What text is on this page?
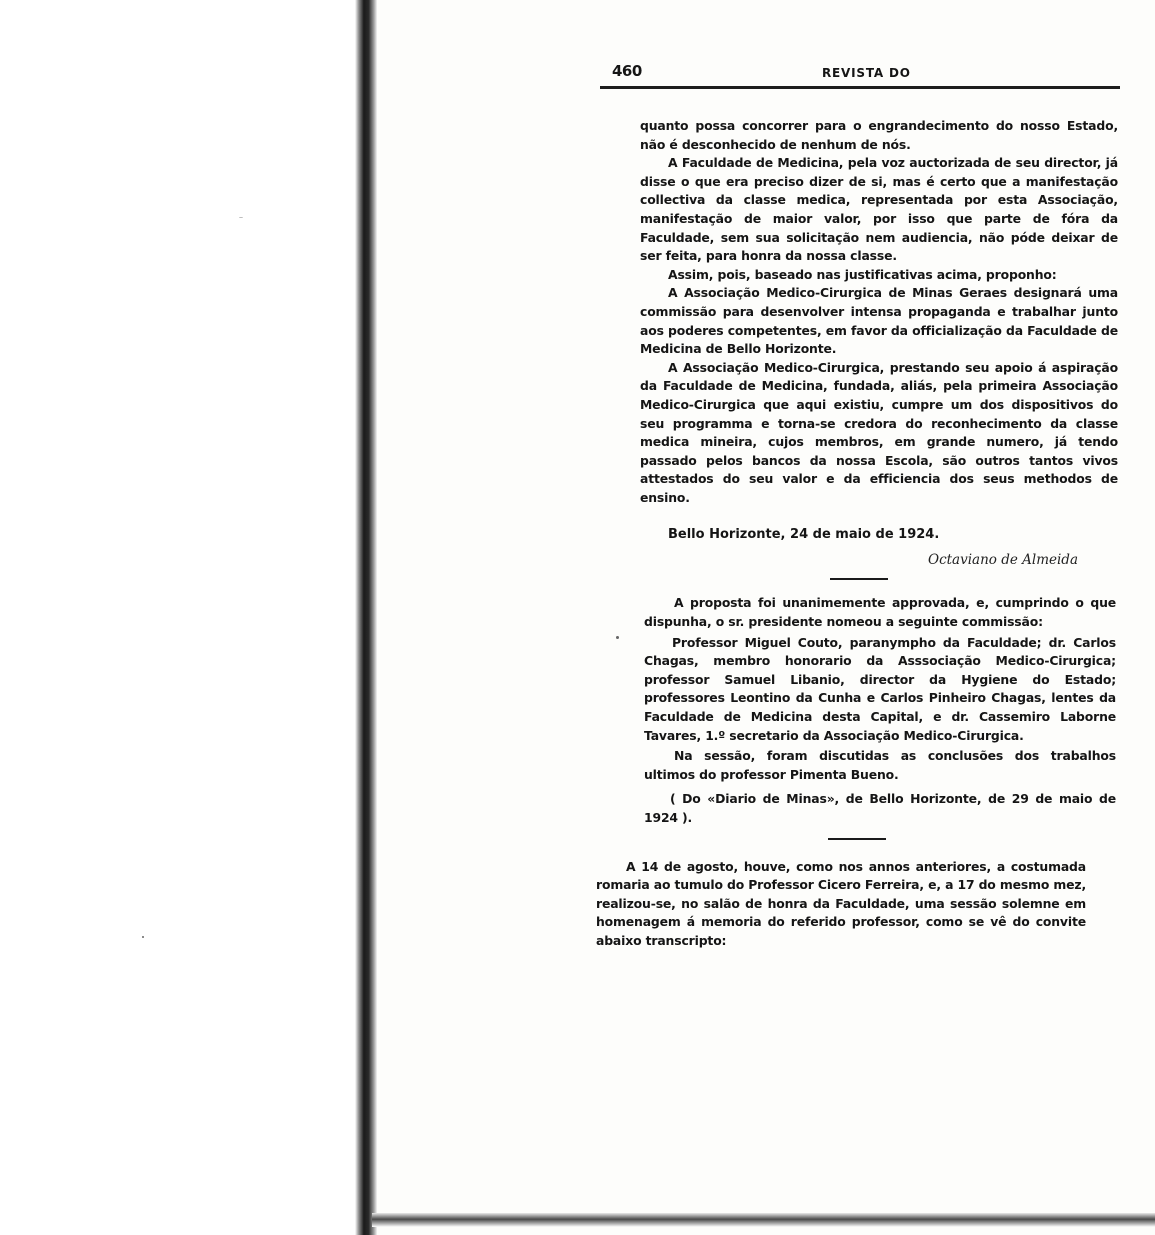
460	REVISTA DO

quanto possa concorrer para o engrandecimento do nosso Estado, não é desconhecido de nenhum de nós.

A Faculdade de Medicina, pela voz auctorizada de seu director, já disse o que era preciso dizer de si, mas é certo que a manifestação collectiva da classe medica, representada por esta Associação, manifestação de maior valor, por isso que parte de fóra da Faculdade, sem sua solicitação nem audiencia, não póde deixar de ser feita, para honra da nossa classe.

Assim, pois, baseado nas justificativas acima, proponho:

A Associação Medico-Cirurgica de Minas Geraes designará uma commissão para desenvolver intensa propaganda e trabalhar junto aos poderes competentes, em favor da officialização da Faculdade de Medicina de Bello Horizonte.

A Associação Medico-Cirurgica, prestando seu apoio á aspiração da Faculdade de Medicina, fundada, aliás, pela primeira Associação Medico-Cirurgica que aqui existiu, cumpre um dos dispositivos do seu programma e torna-se credora do reconhecimento da classe medica mineira, cujos membros, em grande numero, já tendo passado pelos bancos da nossa Escola, são outros tantos vivos attestados do seu valor e da efficiencia dos seus methodos de ensino.

Bello Horizonte, 24 de maio de 1924.
Octaviano de Almeida

A proposta foi unanimemente approvada, e, cumprindo o que dispunha, o sr. presidente nomeou a seguinte commissão:

Professor Miguel Couto, paranympho da Faculdade; dr. Carlos Chagas, membro honorario da Asssociação Medico-Cirurgica; professor Samuel Libanio, director da Hygiene do Estado; professores Leontino da Cunha e Carlos Pinheiro Chagas, lentes da Faculdade de Medicina desta Capital, e dr. Cassemiro Laborne Tavares, 1.º secretario da Associação Medico-Cirurgica.

Na sessão, foram discutidas as conclusões dos trabalhos ultimos do professor Pimenta Bueno.

( Do «Diario de Minas», de Bello Horizonte, de 29 de maio de 1924 ).

A 14 de agosto, houve, como nos annos anteriores, a costumada romaria ao tumulo do Professor Cicero Ferreira, e, a 17 do mesmo mez, realizou-se, no salão de honra da Faculdade, uma sessão solemne em homenagem á memoria do referido professor, como se vê do convite abaixo transcripto:
